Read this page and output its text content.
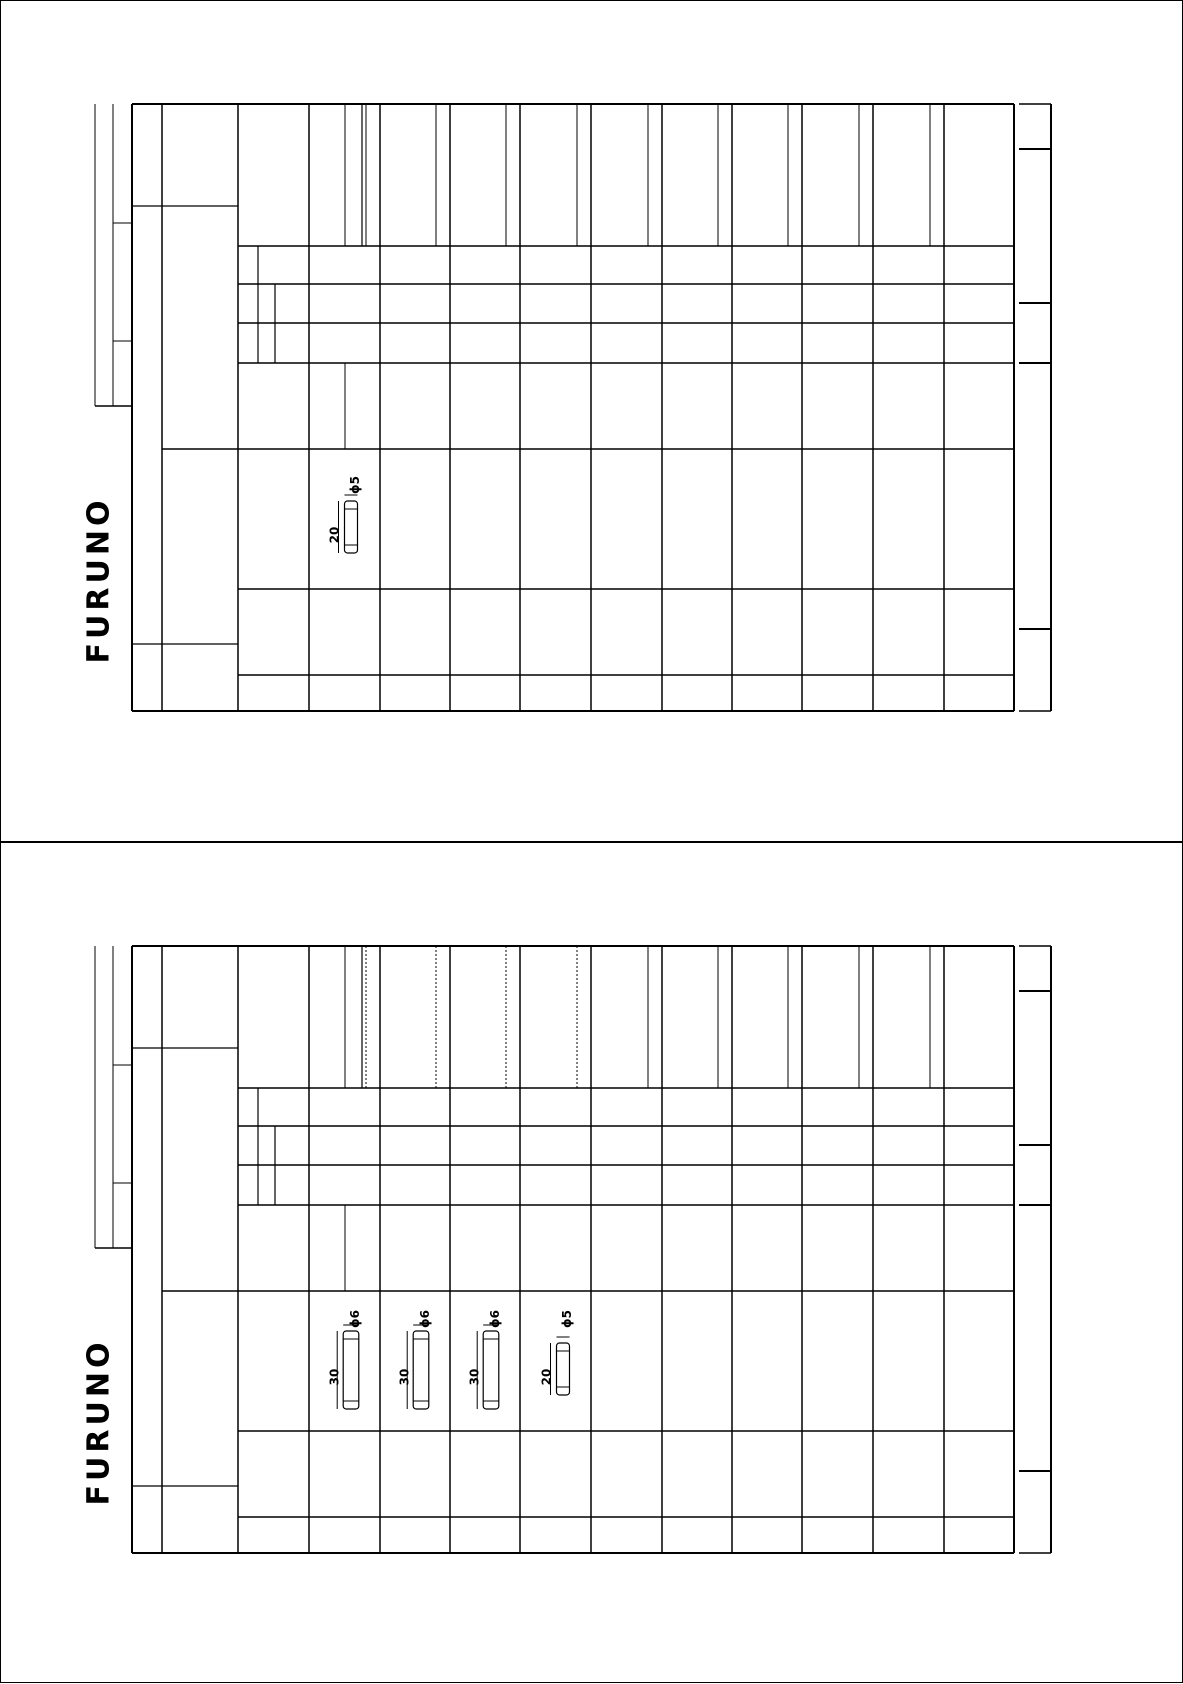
FURUNO
FURUNO
20
ϕ5
30
ϕ6
30
ϕ6
30
ϕ6
20
ϕ5
